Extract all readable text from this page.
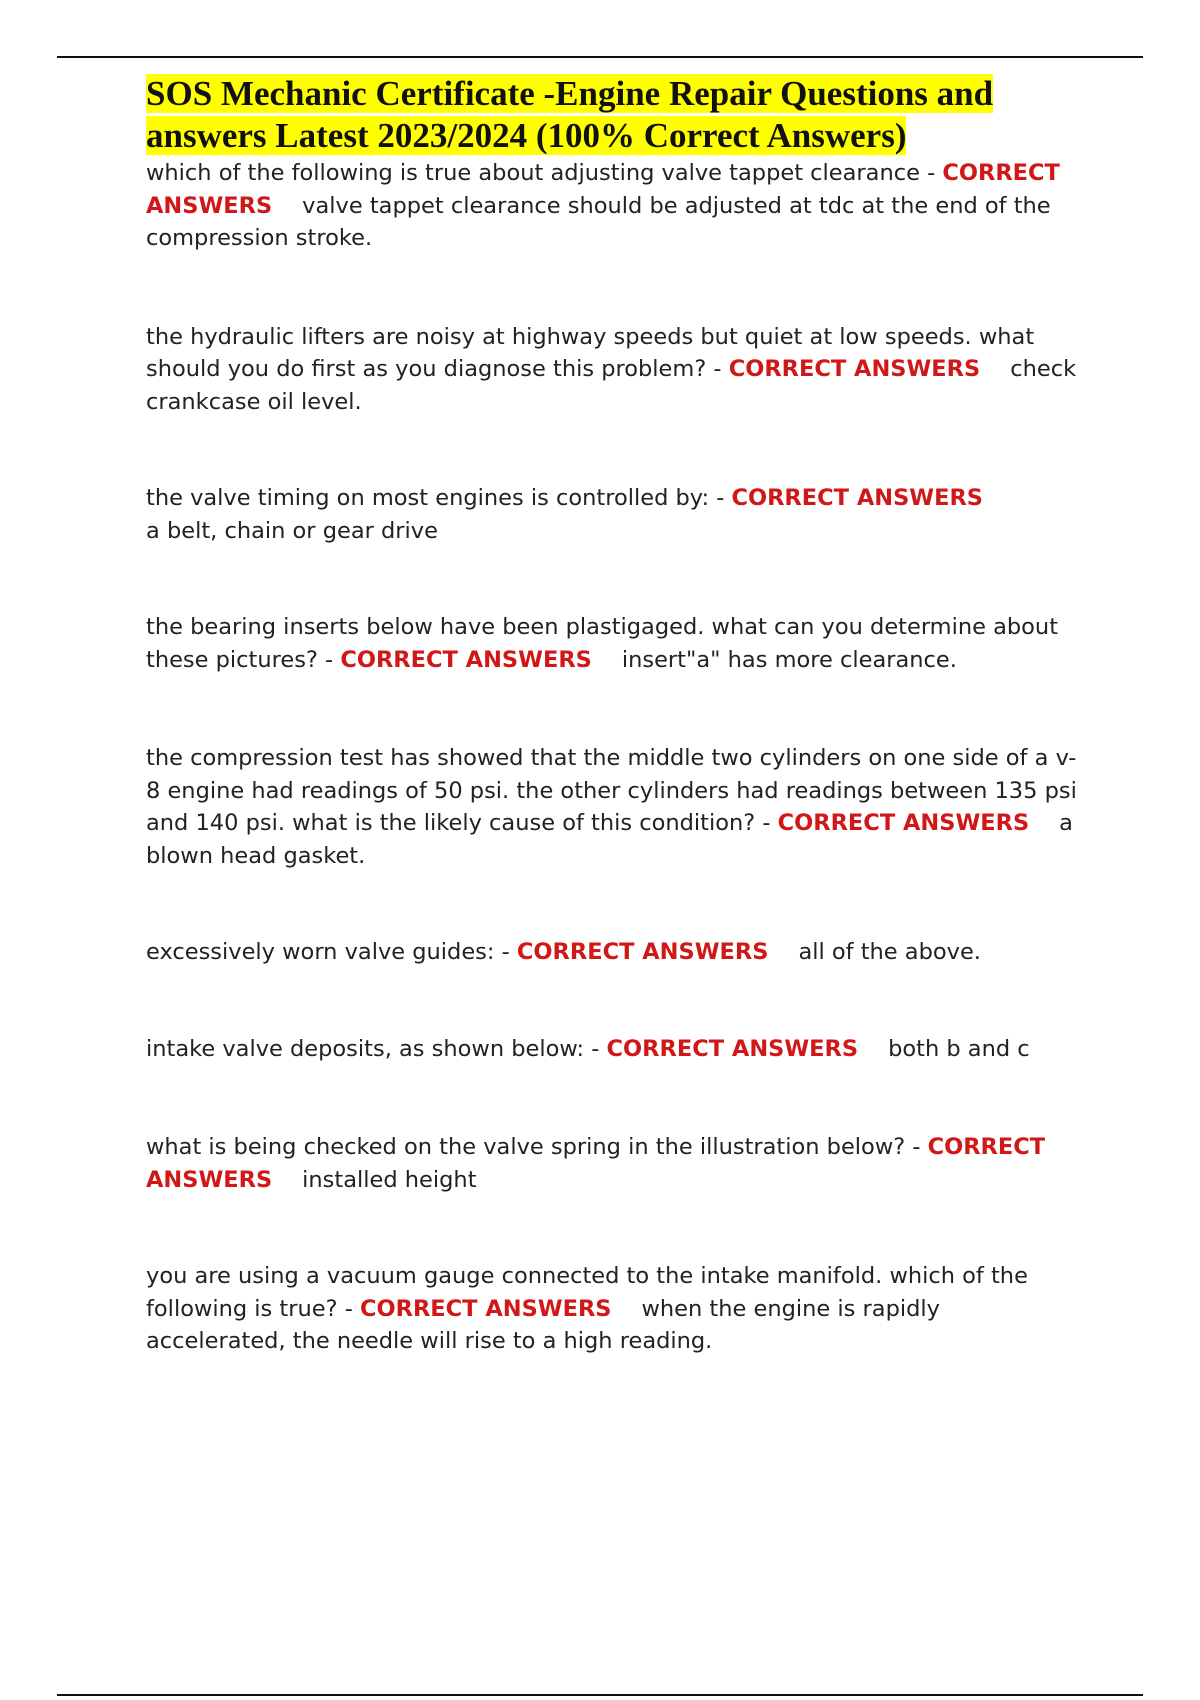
SOS Mechanic Certificate -Engine Repair Questions and answers Latest 2023/2024 (100% Correct Answers)

which of the following is true about adjusting valve tappet clearance - CORRECT ANSWERS valve tappet clearance should be adjusted at tdc at the end of the compression stroke.

the hydraulic lifters are noisy at highway speeds but quiet at low speeds. what should you do first as you diagnose this problem? - CORRECT ANSWERS check crankcase oil level.

the valve timing on most engines is controlled by: - CORRECT ANSWERS
a belt, chain or gear drive

the bearing inserts below have been plastigaged. what can you determine about these pictures? - CORRECT ANSWERS insert"a" has more clearance.

the compression test has showed that the middle two cylinders on one side of a v-8 engine had readings of 50 psi. the other cylinders had readings between 135 psi and 140 psi. what is the likely cause of this condition? - CORRECT ANSWERS a blown head gasket.

excessively worn valve guides: - CORRECT ANSWERS all of the above.

intake valve deposits, as shown below: - CORRECT ANSWERS both b and c

what is being checked on the valve spring in the illustration below? - CORRECT ANSWERS installed height

you are using a vacuum gauge connected to the intake manifold. which of the following is true? - CORRECT ANSWERS when the engine is rapidly accelerated, the needle will rise to a high reading.
